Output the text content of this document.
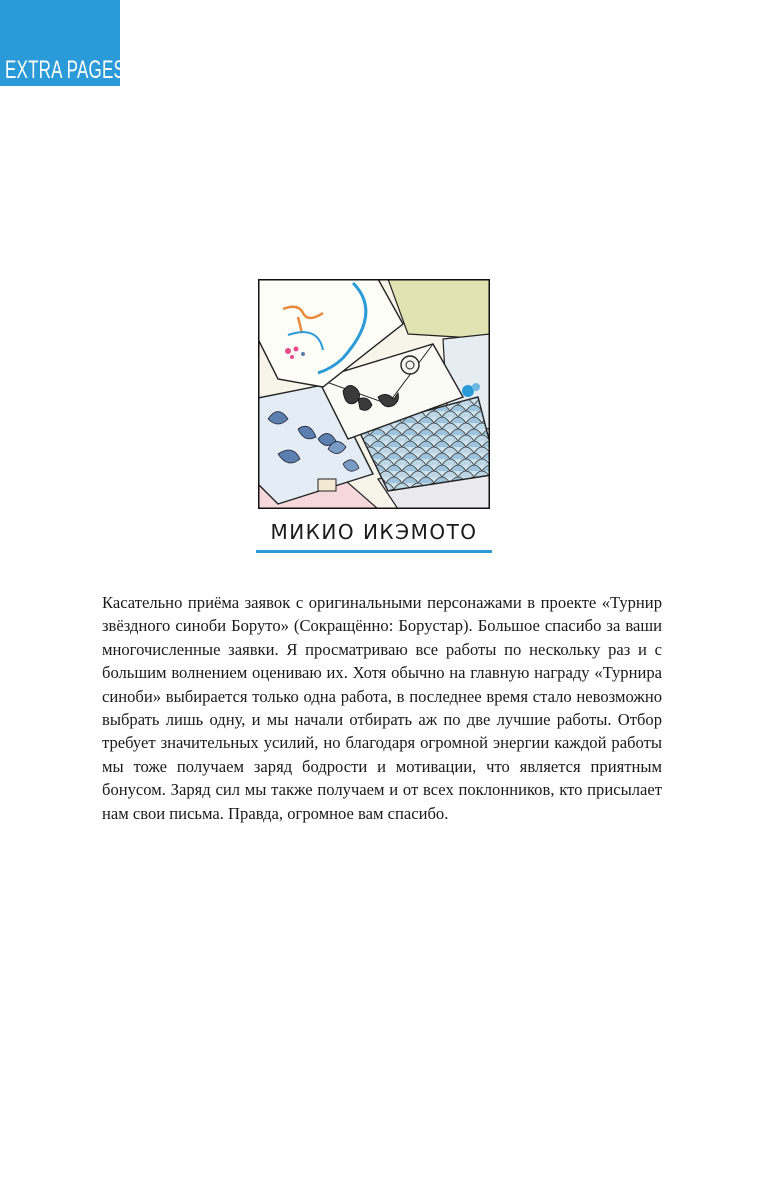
EXTRA PAGES
МИКИО ИКЭМОТО

Касательно приёма заявок с оригинальными персонажами в проекте «Турнир звёздного синоби Боруто» (Сокращённо: Борустар). Большое спасибо за ваши многочисленные заявки. Я просматриваю все работы по нескольку раз и с большим волнением оцениваю их. Хотя обычно на главную награду «Турнира синоби» выбирается только одна работа, в последнее время стало невозможно выбрать лишь одну, и мы начали отбирать аж по две лучшие работы. Отбор требует значительных усилий, но благодаря огромной энергии каждой работы мы тоже получаем заряд бодрости и мотивации, что является приятным бонусом. Заряд сил мы также получаем и от всех поклонников, кто присылает нам свои письма. Правда, огромное вам спасибо.
